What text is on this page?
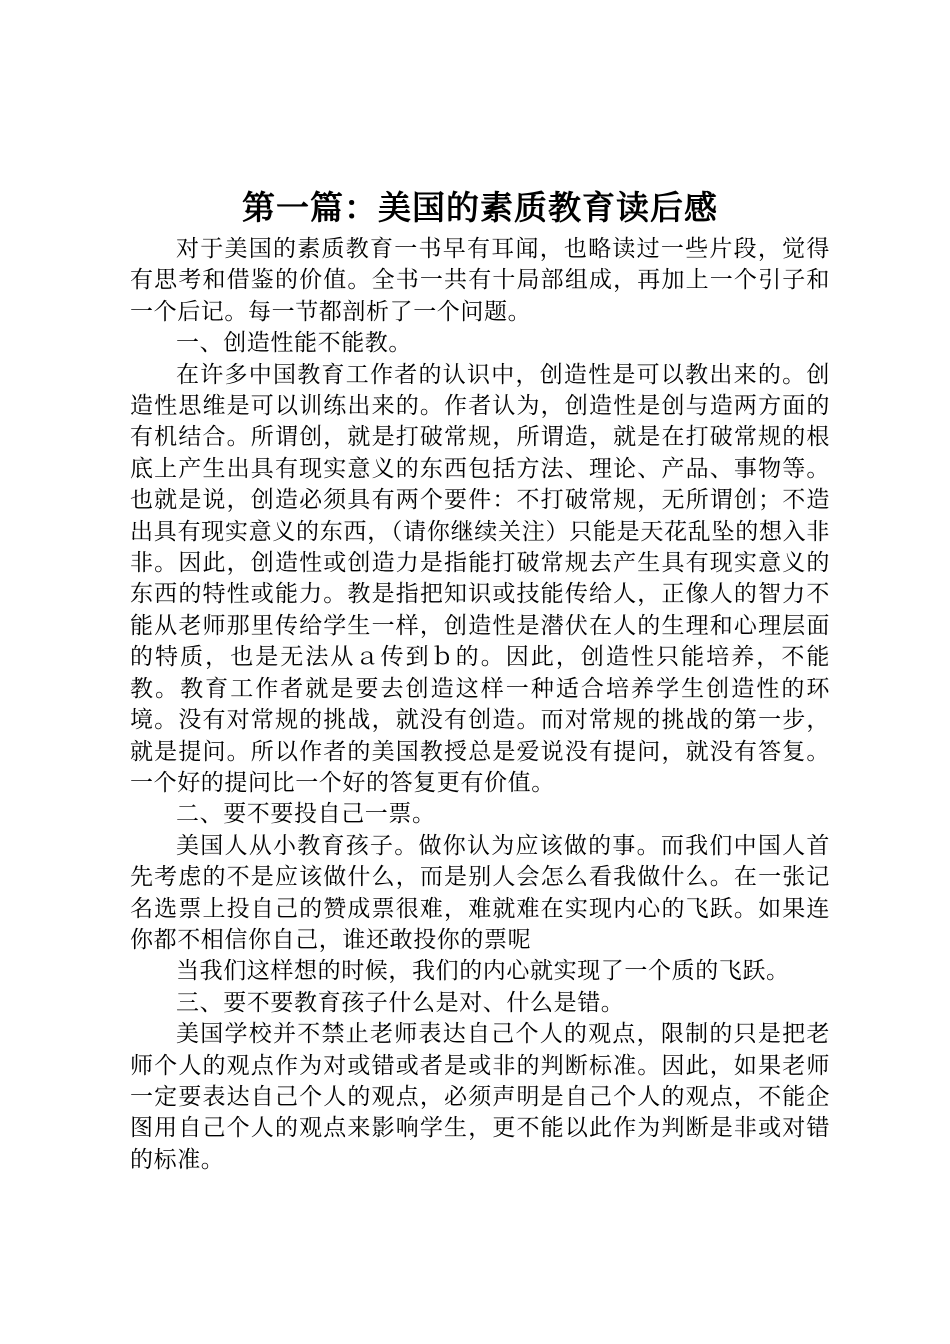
第一篇：美国的素质教育读后感

对于美国的素质教育一书早有耳闻，也略读过一些片段，觉得有思考和借鉴的价值。全书一共有十局部组成，再加上一个引子和一个后记。每一节都剖析了一个问题。

一、创造性能不能教。

在许多中国教育工作者的认识中，创造性是可以教出来的。创造性思维是可以训练出来的。作者认为，创造性是创与造两方面的有机结合。所谓创，就是打破常规，所谓造，就是在打破常规的根底上产生出具有现实意义的东西包括方法、理论、产品、事物等。也就是说，创造必须具有两个要件：不打破常规，无所谓创；不造出具有现实意义的东西，（请你继续关注）只能是天花乱坠的想入非非。因此，创造性或创造力是指能打破常规去产生具有现实意义的东西的特性或能力。教是指把知识或技能传给人，正像人的智力不能从老师那里传给学生一样，创造性是潜伏在人的生理和心理层面的特质，也是无法从ａ传到ｂ的。因此，创造性只能培养，不能教。教育工作者就是要去创造这样一种适合培养学生创造性的环境。没有对常规的挑战，就没有创造。而对常规的挑战的第一步，就是提问。所以作者的美国教授总是爱说没有提问，就没有答复。一个好的提问比一个好的答复更有价值。

二、要不要投自己一票。

美国人从小教育孩子。做你认为应该做的事。而我们中国人首先考虑的不是应该做什么，而是别人会怎么看我做什么。在一张记名选票上投自己的赞成票很难，难就难在实现内心的飞跃。如果连你都不相信你自己，谁还敢投你的票呢

当我们这样想的时候，我们的内心就实现了一个质的飞跃。

三、要不要教育孩子什么是对、什么是错。

美国学校并不禁止老师表达自己个人的观点，限制的只是把老师个人的观点作为对或错或者是或非的判断标准。因此，如果老师一定要表达自己个人的观点，必须声明是自己个人的观点，不能企图用自己个人的观点来影响学生，更不能以此作为判断是非或对错的标准。
